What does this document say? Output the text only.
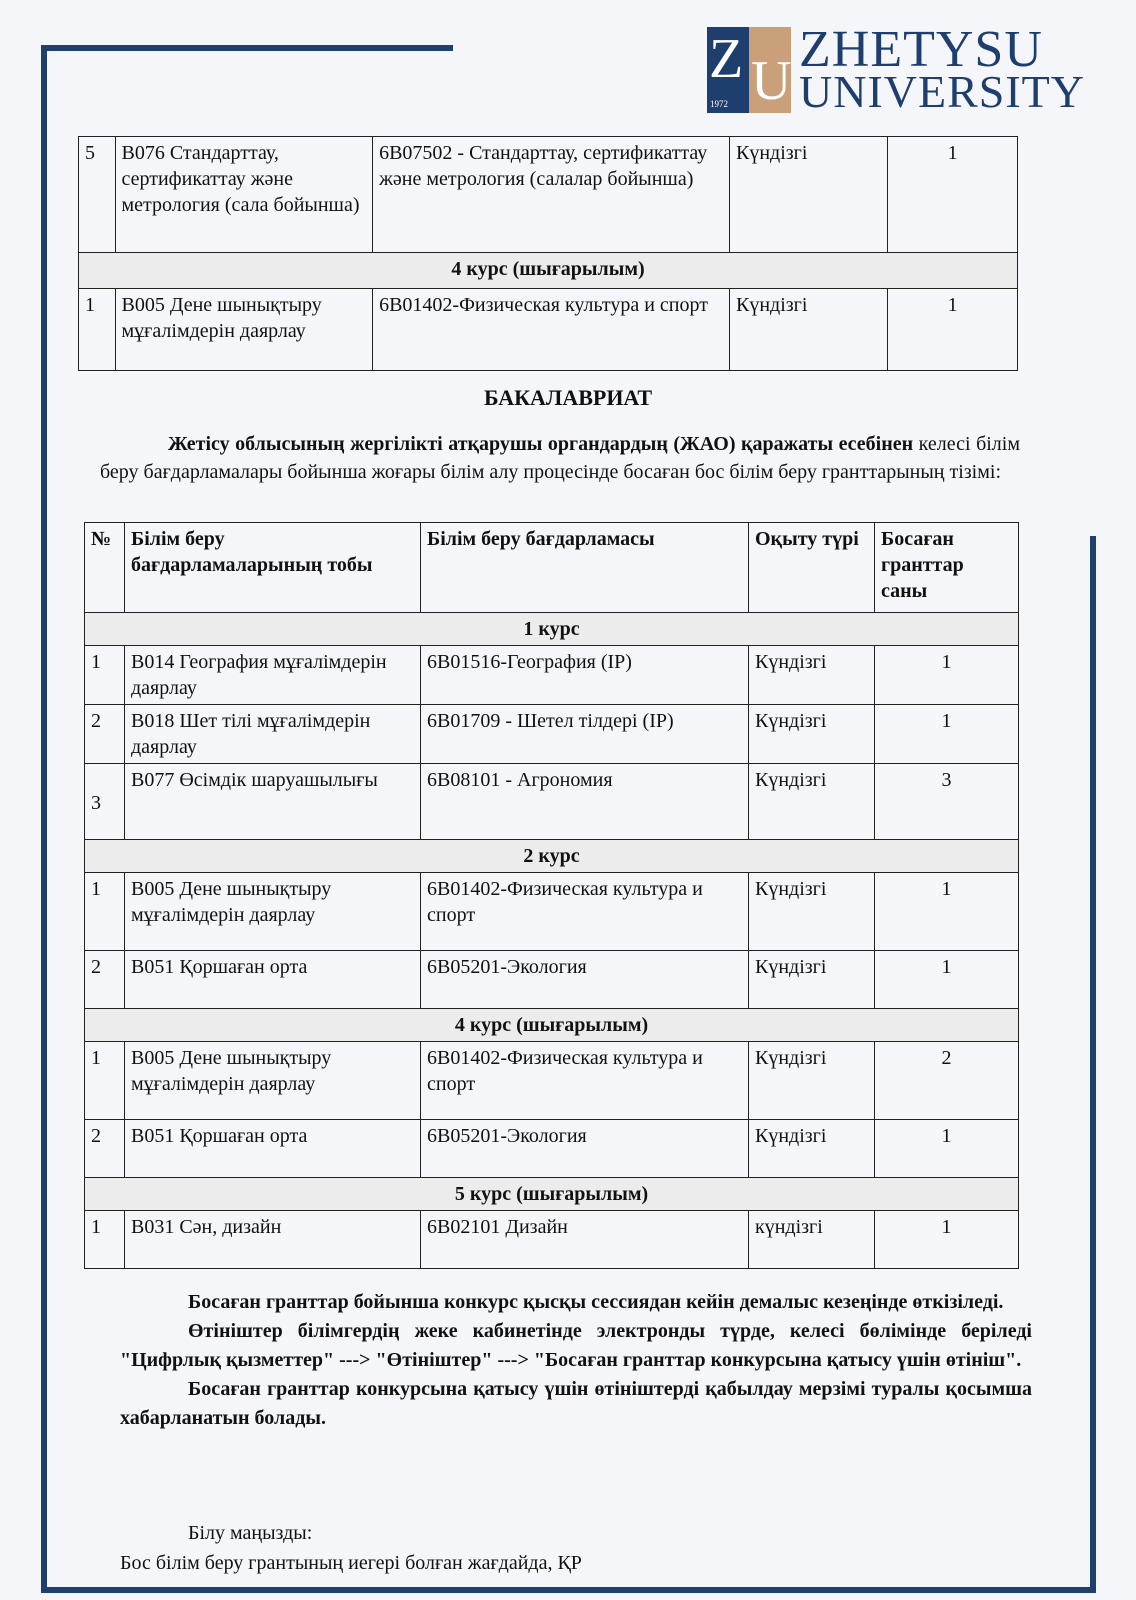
Z U
1972
ZHETYSU
UNIVERSITY
5	B076 Стандарттау, сертификаттау және метрология (сала бойынша)	6B07502 - Стандарттау, сертификаттау және метрология (салалар бойынша)	Күндізгі	1
4 курс (шығарылым)				
1	B005 Дене шынықтыру мұғалімдерін даярлау	6B01402-Физическая культура и спорт	Күндізгі	1
БАКАЛАВРИАТ
Жетісу облысының жергілікті атқарушы органдардың (ЖАО) қаражаты есебінен келесі білім беру бағдарламалары бойынша жоғары білім алу процесінде босаған бос білім беру гранттарының тізімі:
№	Білім беру бағдарламаларының тобы	Білім беру бағдарламасы	Оқыту түрі	Босаған гранттар саны
1 курс				
1	B014 География мұғалімдерін даярлау	6B01516-География (IP)	Күндізгі	1
2	B018 Шет тілі мұғалімдерін даярлау	6B01709 - Шетел тілдері (IP)	Күндізгі	1
3	B077 Өсімдік шаруашылығы	6B08101 - Агрономия	Күндізгі	3
2 курс				
1	B005 Дене шынықтыру мұғалімдерін даярлау	6B01402-Физическая культура и спорт	Күндізгі	1
2	B051 Қоршаған орта	6B05201-Экология	Күндізгі	1
4 курс (шығарылым)				
1	B005 Дене шынықтыру мұғалімдерін даярлау	6B01402-Физическая культура и спорт	Күндізгі	2
2	B051 Қоршаған орта	6B05201-Экология	Күндізгі	1
5 курс (шығарылым)				
1	B031 Сән, дизайн	6B02101 Дизайн	күндізгі	1

Босаған гранттар бойынша конкурс қысқы сессиядан кейін демалыс кезеңінде өткізіледі.

Өтініштер білімгердің жеке кабинетінде электронды түрде, келесі бөлімінде беріледі "Цифрлық қызметтер" ---> "Өтініштер" ---> "Босаған гранттар конкурсына қатысу үшін өтініш".

Босаған гранттар конкурсына қатысу үшін өтініштерді қабылдау мерзімі туралы қосымша хабарланатын болады.

Білу маңызды:

Бос білім беру грантының иегері болған жағдайда, ҚР
